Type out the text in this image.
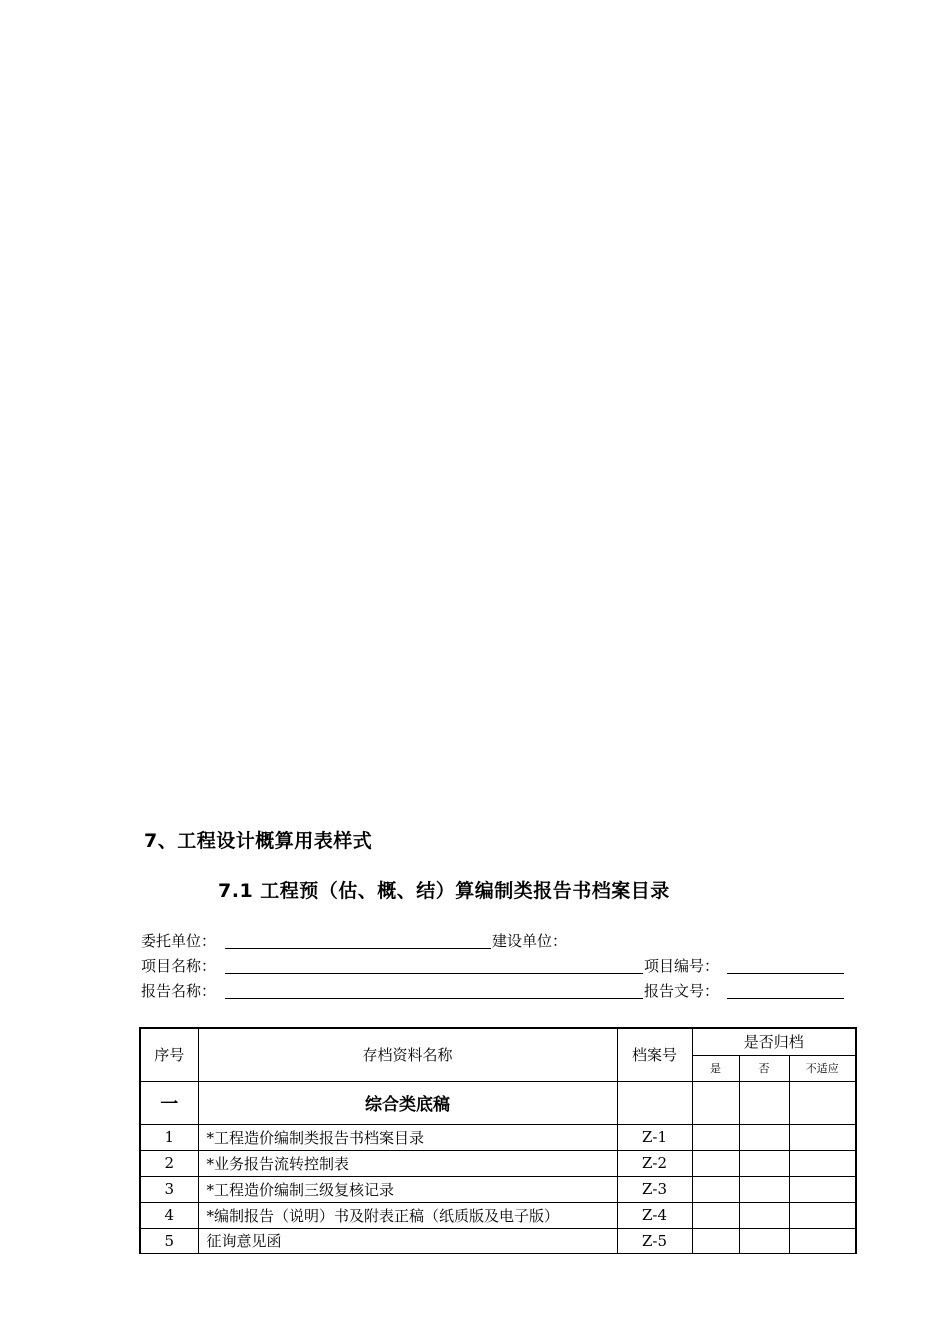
7、工程设计概算用表样式
7.1 工程预（估、概、结）算编制类报告书档案目录
委托单位：	建设单位：
项目名称：	项目编号：
报告名称：	报告文号：
序号	存档资料名称	档案号	是否归档		
			是	否	不适应
一	综合类底稿				
1	*工程造价编制类报告书档案目录	Z-1			
2	*业务报告流转控制表	Z-2			
3	*工程造价编制三级复核记录	Z-3			
4	*编制报告（说明）书及附表正稿（纸质版及电子版）	Z-4			
5	征询意见函	Z-5			
